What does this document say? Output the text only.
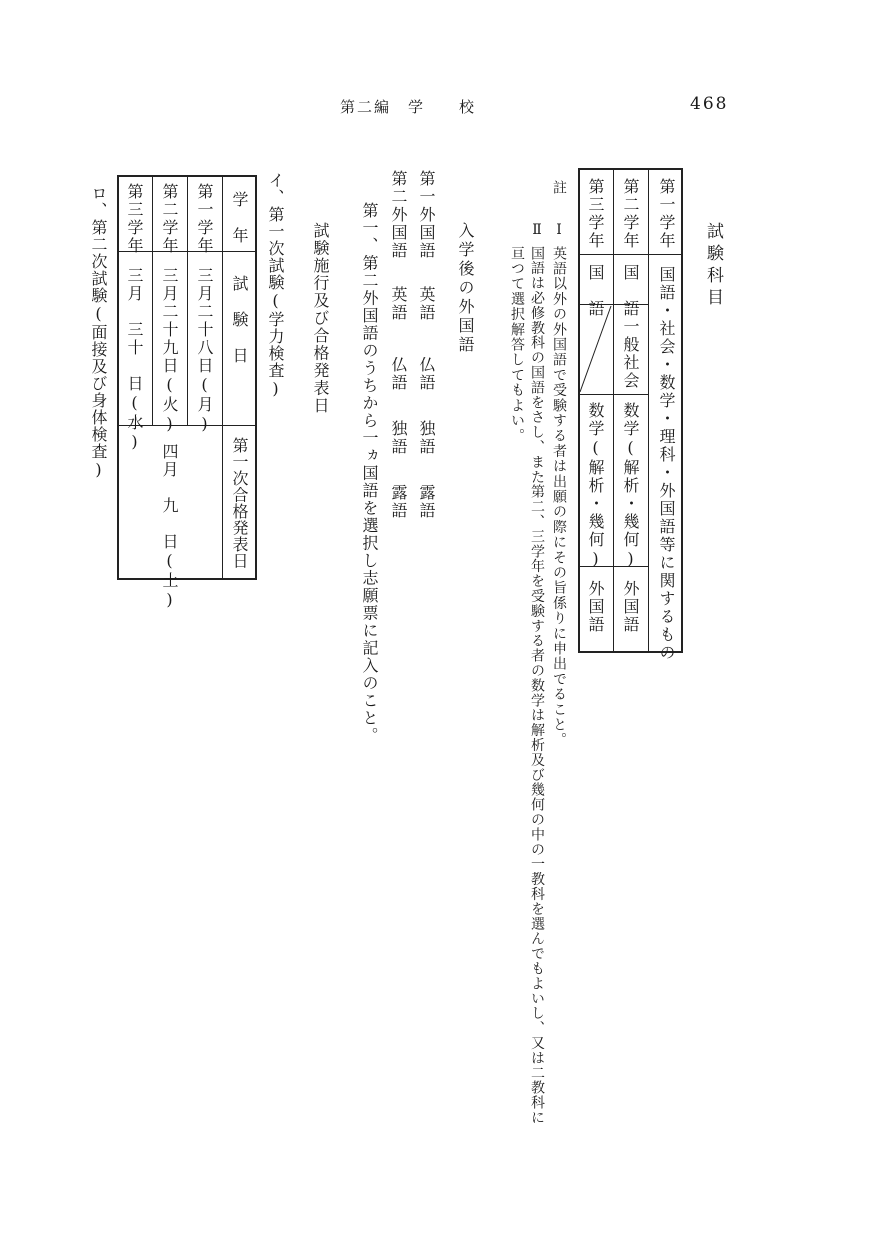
第二編　学　　校	468
試験科目
第一学年
国語・社会・数学・理科・外国語等に関するもの
第二学年
国　語
一般社会
数学(解析・幾何)
外国語
第三学年
国　語
数学(解析・幾何)
外国語
註
Ⅰ
英語以外の外国語で受験する者は出願の際にその旨係りに申出でること。
Ⅱ
国語は必修教科の国語をさし、また第二、三学年を受験する者の数学は解析及び幾何の中の一教科を選んでもよいし、又は二教科に
亘つて選択解答してもよい。
入学後の外国語
第一外国語
英語
仏語
独語
露語
第二外国語
英語
仏語
独語
露語
第一、第二外国語のうちから一ヵ国語を選択し志願票に記入のこと。
試験施行及び合格発表日
イ、第一次試験(学力検査)
学　年
試　験　日
第一次合格発表日
第一学年
三月二十八日(月)
第二学年
三月二十九日(火)
第三学年
三月　三十　日(水)
四月　九　日(土)
ロ、第二次試験(面接及び身体検査)
